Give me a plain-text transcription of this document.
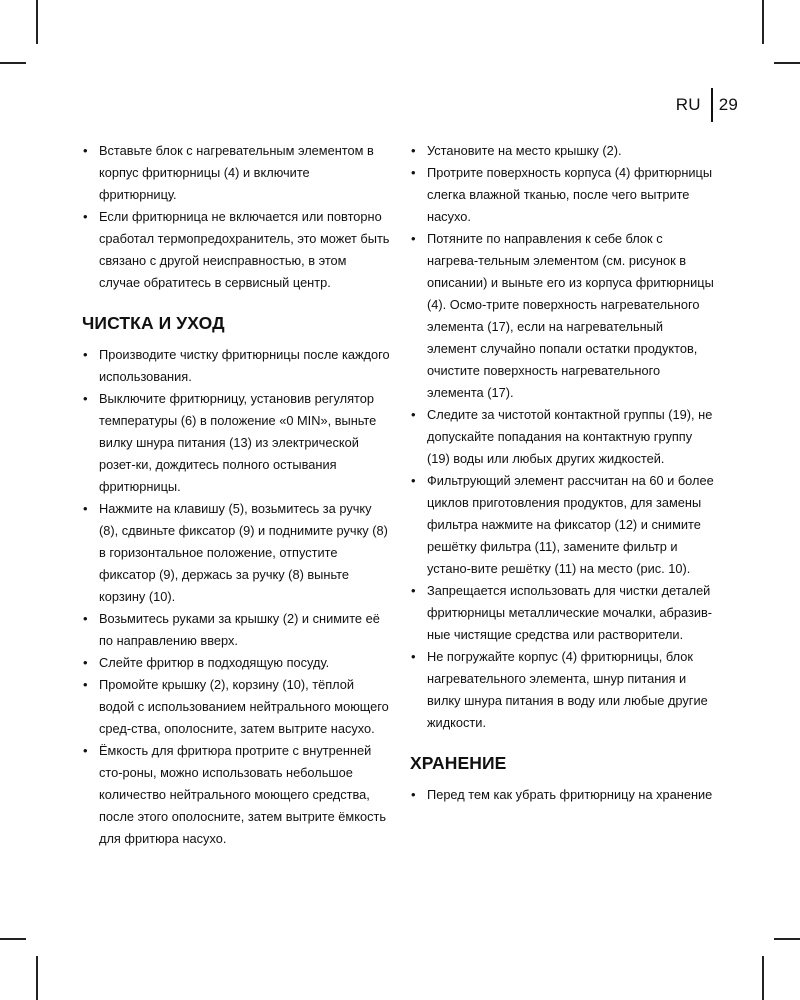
RU	29
• Вставьте блок с нагревательным элементом в корпус фритюрницы (4) и включите фритюрницу.
• Если фритюрница не включается или повторно сработал термопредохранитель, это может быть связано с другой неисправностью, в этом случае обратитесь в сервисный центр.
ЧИСТКА И УХОД
• Производите чистку фритюрницы после каждого использования.
• Выключите фритюрницу, установив регулятор температуры (6) в положение «0 MIN», выньте вилку шнура питания (13) из электрической розет-ки, дождитесь полного остывания фритюрницы.
• Нажмите на клавишу (5), возьмитесь за ручку (8), сдвиньте фиксатор (9) и поднимите ручку (8) в горизонтальное положение, отпустите фиксатор (9), держась за ручку (8) выньте корзину (10).
• Возьмитесь руками за крышку (2) и снимите её по направлению вверх.
• Слейте фритюр в подходящую посуду.
• Промойте крышку (2), корзину (10), тёплой водой с использованием нейтрального моющего сред-ства, ополосните, затем вытрите насухо.
• Ёмкость для фритюра протрите с внутренней сто-роны, можно использовать небольшое количество нейтрального моющего средства, после этого ополосните, затем вытрите ёмкость для фритюра насухо.
• Установите на место крышку (2).
• Протрите поверхность корпуса (4) фритюрницы слегка влажной тканью, после чего вытрите насухо.
• Потяните по направления к себе блок с нагрева-тельным элементом (см. рисунок в описании) и выньте его из корпуса фритюрницы (4). Осмо-трите поверхность нагревательного элемента (17), если на нагревательный элемент случайно попали остатки продуктов, очистите поверхность нагревательного элемента (17).
• Следите за чистотой контактной группы (19), не допускайте попадания на контактную группу (19) воды или любых других жидкостей.
• Фильтрующий элемент рассчитан на 60 и более циклов приготовления продуктов, для замены фильтра нажмите на фиксатор (12) и снимите решётку фильтра (11), замените фильтр и устано-вите решётку (11) на место (рис. 10).
• Запрещается использовать для чистки деталей фритюрницы металлические мочалки, абразив-ные чистящие средства или растворители.
• Не погружайте корпус (4) фритюрницы, блок нагревательного элемента, шнур питания и вилку шнура питания в воду или любые другие жидкости.
ХРАНЕНИЕ
• Перед тем как убрать фритюрницу на хранение
